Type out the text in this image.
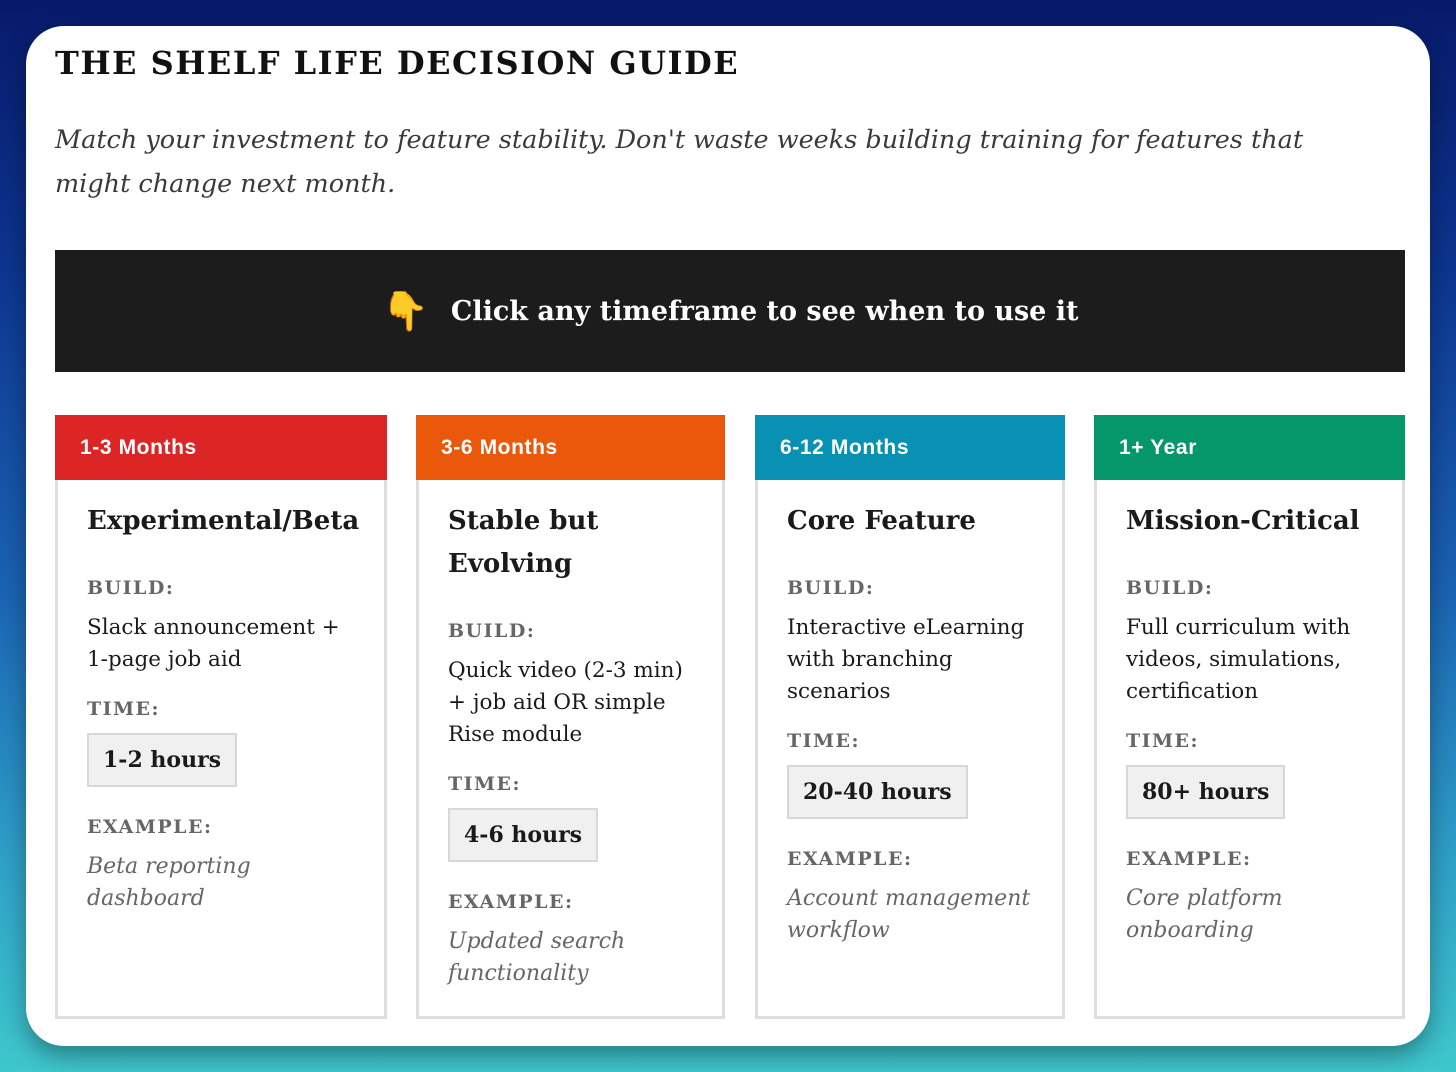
THE SHELF LIFE DECISION GUIDE

Match your investment to feature stability. Don't waste weeks building training for features that might change next month.

👇 Click any timeframe to see when to use it
1-3 Months
Experimental/Beta
BUILD:
Slack announcement + 1-page job aid
TIME:
1-2 hours
EXAMPLE:
Beta reporting dashboard
3-6 Months
Stable but Evolving
BUILD:
Quick video (2-3 min) + job aid OR simple Rise module
TIME:
4-6 hours
EXAMPLE:
Updated search functionality
6-12 Months
Core Feature
BUILD:
Interactive eLearning with branching scenarios
TIME:
20-40 hours
EXAMPLE:
Account management workflow
1+ Year
Mission-Critical
BUILD:
Full curriculum with videos, simulations, certification
TIME:
80+ hours
EXAMPLE:
Core platform onboarding
